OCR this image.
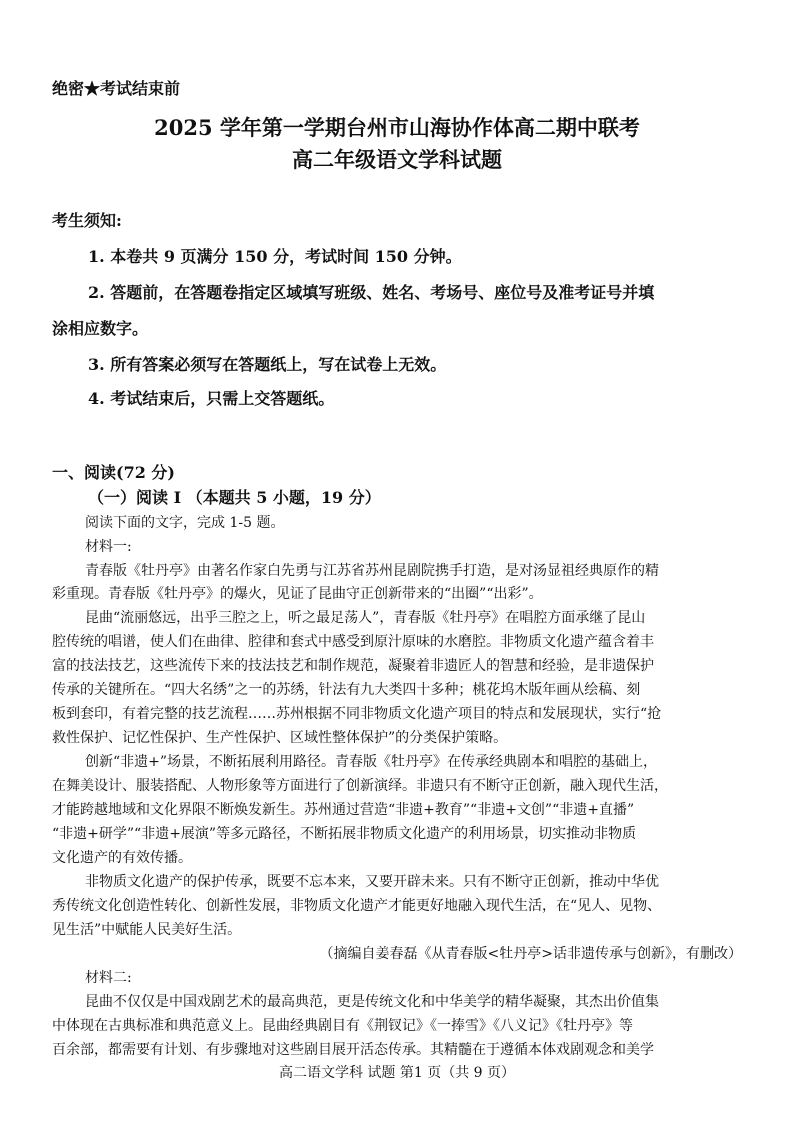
绝密★考试结束前
2025 学年第一学期台州市山海协作体高二期中联考
高二年级语文学科试题
考生须知:
1. 本卷共 9 页满分 150 分，考试时间 150 分钟。
2. 答题前，在答题卷指定区域填写班级、姓名、考场号、座位号及准考证号并填
涂相应数字。
3. 所有答案必须写在答题纸上，写在试卷上无效。
4. 考试结束后，只需上交答题纸。
一、阅读(72 分)
（一）阅读 I （本题共 5 小题，19 分）
阅读下面的文字，完成 1-5 题。
材料一:
青春版《牡丹亭》由著名作家白先勇与江苏省苏州昆剧院携手打造，是对汤显祖经典原作的精
彩重现。青春版《牡丹亭》的爆火，见证了昆曲守正创新带来的“出圈”“出彩”。
昆曲“流丽悠远，出乎三腔之上，听之最足荡人”，青春版《牡丹亭》在唱腔方面承继了昆山
腔传统的唱谱，使人们在曲律、腔律和套式中感受到原汁原味的水磨腔。非物质文化遗产蕴含着丰
富的技法技艺，这些流传下来的技法技艺和制作规范，凝聚着非遗匠人的智慧和经验，是非遗保护
传承的关键所在。“四大名绣”之一的苏绣，针法有九大类四十多种；桃花坞木版年画从绘稿、刻
板到套印，有着完整的技艺流程……苏州根据不同非物质文化遗产项目的特点和发展现状，实行“抢
救性保护、记忆性保护、生产性保护、区域性整体保护”的分类保护策略。
创新“非遗+”场景，不断拓展利用路径。青春版《牡丹亭》在传承经典剧本和唱腔的基础上，
在舞美设计、服装搭配、人物形象等方面进行了创新演绎。非遗只有不断守正创新，融入现代生活，
才能跨越地域和文化界限不断焕发新生。苏州通过营造“非遗+教育”“非遗+文创”“非遗+直播”
“非遗+研学”“非遗+展演”等多元路径，不断拓展非物质文化遗产的利用场景，切实推动非物质
文化遗产的有效传播。
非物质文化遗产的保护传承，既要不忘本来，又要开辟未来。只有不断守正创新，推动中华优
秀传统文化创造性转化、创新性发展，非物质文化遗产才能更好地融入现代生活，在“见人、见物、
见生活”中赋能人民美好生活。
（摘编自姜春磊《从青春版<牡丹亭>话非遗传承与创新》，有删改）
材料二:
昆曲不仅仅是中国戏剧艺术的最高典范，更是传统文化和中华美学的精华凝聚，其杰出价值集
中体现在古典标准和典范意义上。昆曲经典剧目有《荆钗记》《一捧雪》《八义记》《牡丹亭》等
百余部，都需要有计划、有步骤地对这些剧目展开活态传承。其精髓在于遵循本体戏剧观念和美学
高二语文学科 试题 第1 页（共 9 页）
